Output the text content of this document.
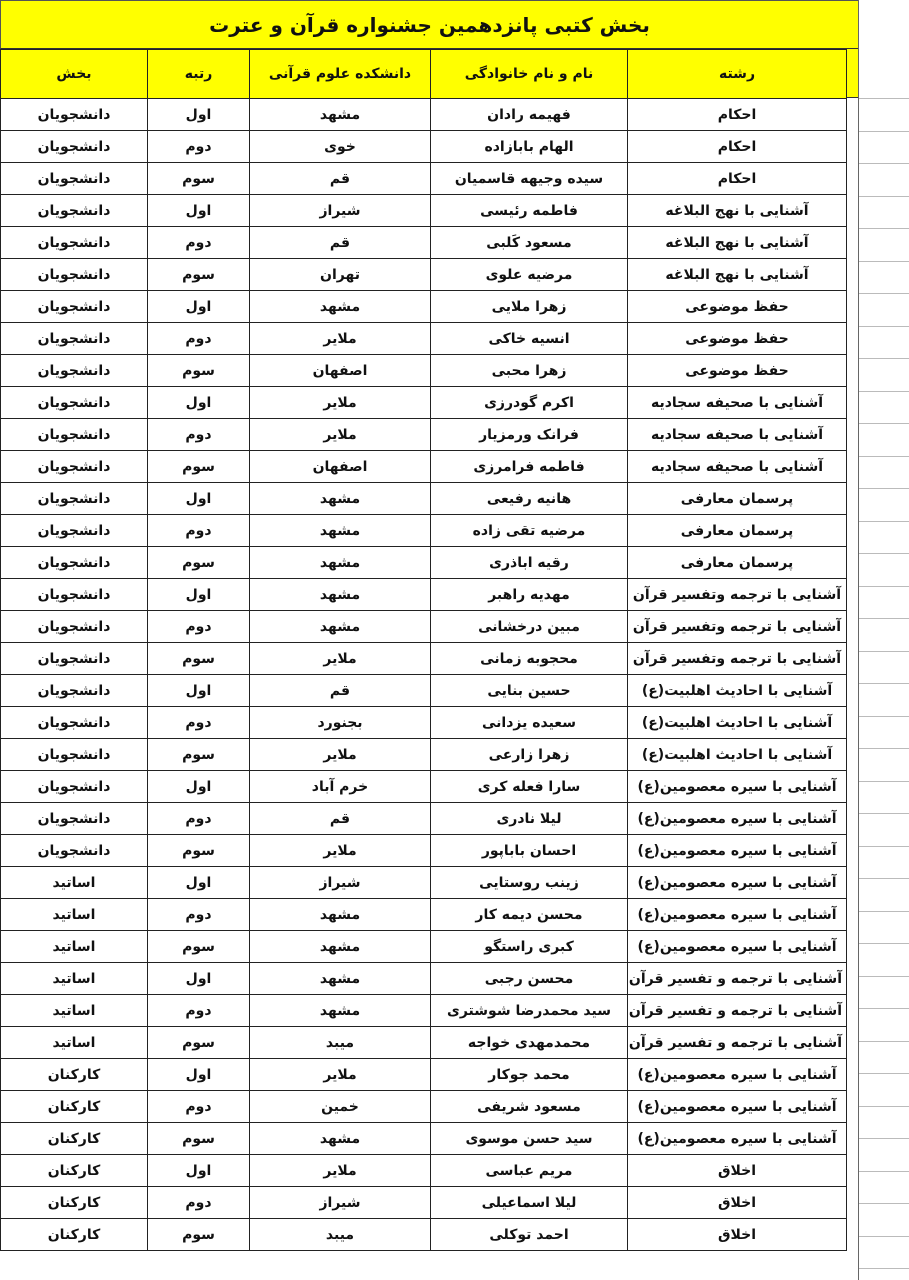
بخش کتبی پانزدهمین جشنواره قرآن و عترت
رشته	نام و نام خانوادگی	دانشکده علوم قرآنی	رتبه	بخش
احکام	فهیمه رادان	مشهد	اول	دانشجویان
احکام	الهام بابازاده	خوی	دوم	دانشجویان
احکام	سیده وجیهه قاسمیان	قم	سوم	دانشجویان
آشنایی با نهج البلاغه	فاطمه رئیسی	شیراز	اول	دانشجویان
آشنایی با نهج البلاغه	مسعود کَلبی	قم	دوم	دانشجویان
آشنایی با نهج البلاغه	مرضیه علوی	تهران	سوم	دانشجویان
حفظ موضوعی	زهرا ملایی	مشهد	اول	دانشجویان
حفظ موضوعی	انسیه خاکی	ملایر	دوم	دانشجویان
حفظ موضوعی	زهرا محبی	اصفهان	سوم	دانشجویان
آشنایی با صحیفه سجادیه	اکرم گودرزی	ملایر	اول	دانشجویان
آشنایی با صحیفه سجادیه	فرانک ورمزیار	ملایر	دوم	دانشجویان
آشنایی با صحیفه سجادیه	فاطمه فرامرزی	اصفهان	سوم	دانشجویان
پرسمان معارفی	هانیه رفیعی	مشهد	اول	دانشجویان
پرسمان معارفی	مرضیه تقی زاده	مشهد	دوم	دانشجویان
پرسمان معارفی	رقیه اباذری	مشهد	سوم	دانشجویان
آشنایی با ترجمه وتفسیر قرآن	مهدیه راهبر	مشهد	اول	دانشجویان
آشنایی با ترجمه وتفسیر قرآن	مبین درخشانی	مشهد	دوم	دانشجویان
آشنایی با ترجمه وتفسیر قرآن	محجوبه زمانی	ملایر	سوم	دانشجویان
آشنایی با احادیث اهلبیت(ع)	حسین بنایی	قم	اول	دانشجویان
آشنایی با احادیث اهلبیت(ع)	سعیده یزدانی	بجنورد	دوم	دانشجویان
آشنایی با احادیث اهلبیت(ع)	زهرا زارعی	ملایر	سوم	دانشجویان
آشنایی با سیره معصومین(ع)	سارا فعله کری	خرم آباد	اول	دانشجویان
آشنایی با سیره معصومین(ع)	لیلا نادری	قم	دوم	دانشجویان
آشنایی با سیره معصومین(ع)	احسان باباپور	ملایر	سوم	دانشجویان
آشنایی با سیره معصومین(ع)	زینب روستایی	شیراز	اول	اساتید
آشنایی با سیره معصومین(ع)	محسن دیمه کار	مشهد	دوم	اساتید
آشنایی با سیره معصومین(ع)	کبری راستگو	مشهد	سوم	اساتید
آشنایی با ترجمه و تفسیر قرآن	محسن رجبی	مشهد	اول	اساتید
آشنایی با ترجمه و تفسیر قرآن	سید محمدرضا شوشتری	مشهد	دوم	اساتید
آشنایی با ترجمه و تفسیر قرآن	محمدمهدی خواجه	میبد	سوم	اساتید
آشنایی با سیره معصومین(ع)	محمد جوکار	ملایر	اول	کارکنان
آشنایی با سیره معصومین(ع)	مسعود شریفی	خمین	دوم	کارکنان
آشنایی با سیره معصومین(ع)	سید حسن موسوی	مشهد	سوم	کارکنان
اخلاق	مریم عباسی	ملایر	اول	کارکنان
اخلاق	لیلا اسماعیلی	شیراز	دوم	کارکنان
اخلاق	احمد توکلی	میبد	سوم	کارکنان
